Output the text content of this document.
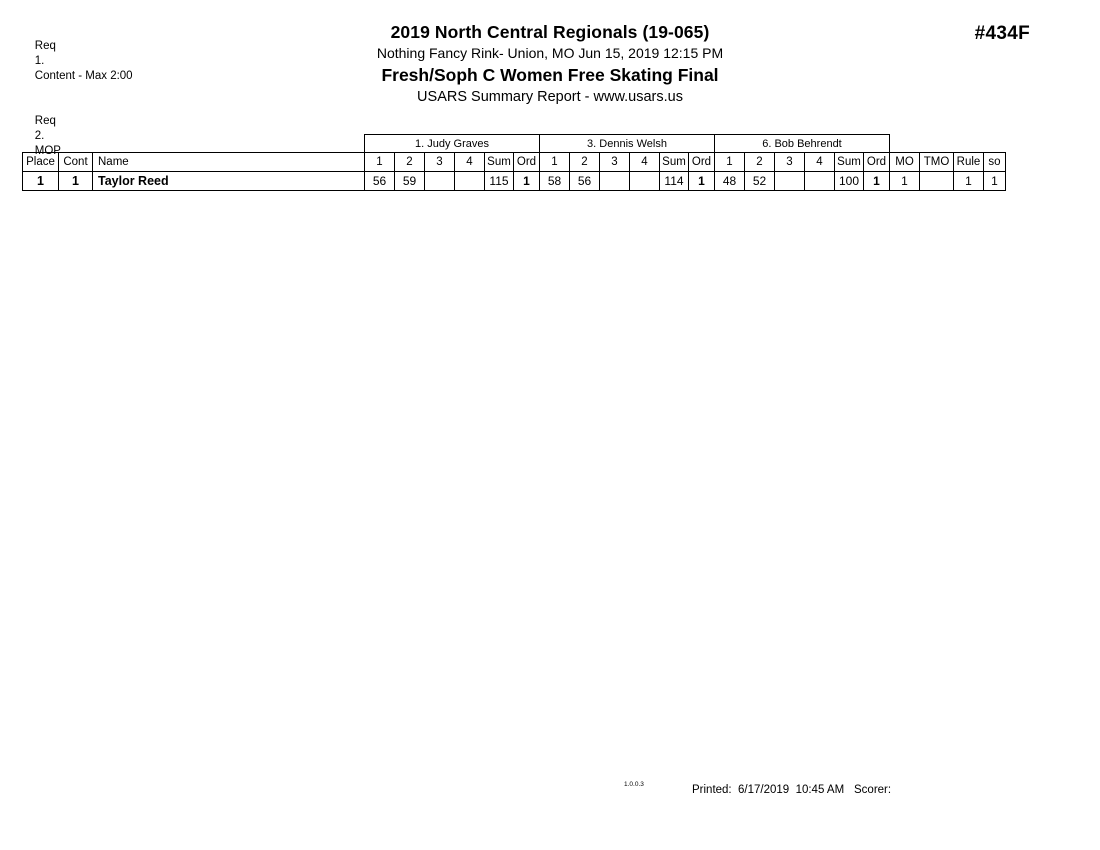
Req
1.
Content - Max 2:00

Req
2.
MOP

2019 North Central Regionals (19-065)
Nothing Fancy Rink- Union, MO Jun 15, 2019 12:15 PM
Fresh/Soph C Women Free Skating Final
USARS Summary Report - www.usars.us
#434F
			1. Judy Graves						3. Dennis Welsh						6. Bob Behrendt									
Place	Cont	Name	1	2	3	4	Sum	Ord	1	2	3	4	Sum	Ord	1	2	3	4	Sum	Ord	MO	TMO	Rule	so
1	1	Taylor Reed	56	59			115	1	58	56			114	1	48	52			100	1	1		1	1
1.0.0.3	Printed:  6/17/2019  10:45 AM Scorer:
